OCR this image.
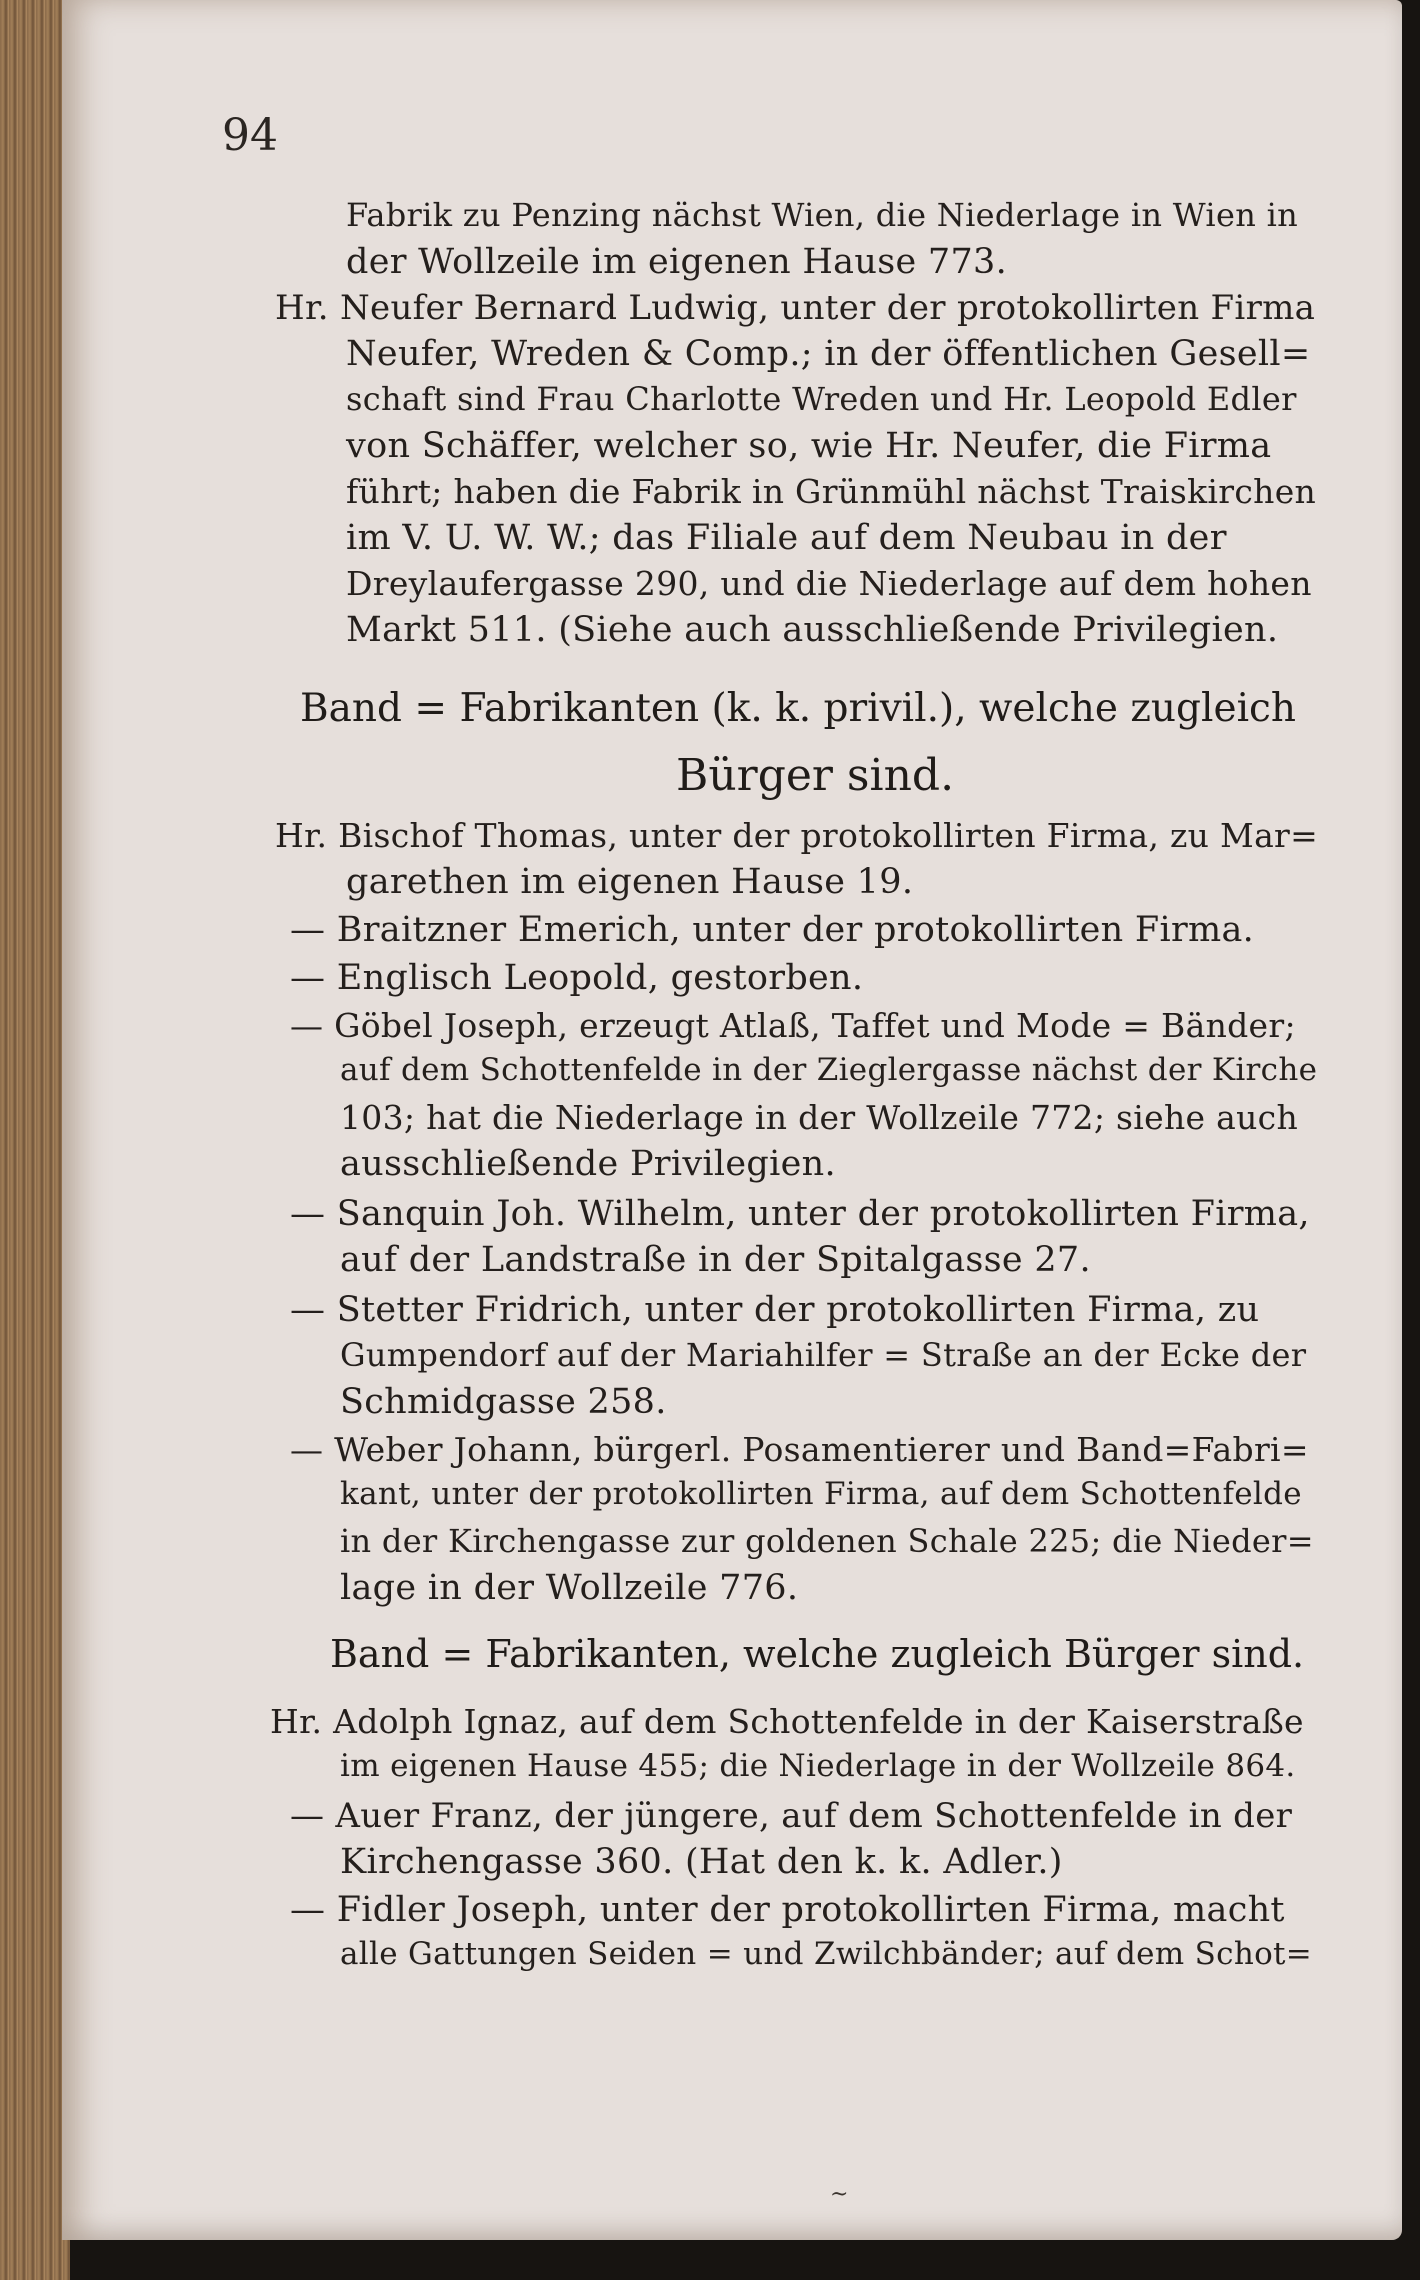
94
Fabrik zu Penzing nächst Wien, die Niederlage in Wien in
der Wollzeile im eigenen Hause 773.
Hr. Neufer Bernard Ludwig, unter der protokollirten Firma
Neufer, Wreden & Comp.; in der öffentlichen Gesell=
schaft sind Frau Charlotte Wreden und Hr. Leopold Edler
von Schäffer, welcher so, wie Hr. Neufer, die Firma
führt; haben die Fabrik in Grünmühl nächst Traiskirchen
im V. U. W. W.; das Filiale auf dem Neubau in der
Dreylaufergasse 290, und die Niederlage auf dem hohen
Markt 511. (Siehe auch ausschließende Privilegien.
Band = Fabrikanten (k. k. privil.), welche zugleich
Bürger sind.
Hr. Bischof Thomas, unter der protokollirten Firma, zu Mar=
garethen im eigenen Hause 19.
— Braitzner Emerich, unter der protokollirten Firma.
— Englisch Leopold, gestorben.
— Göbel Joseph, erzeugt Atlaß, Taffet und Mode = Bänder;
auf dem Schottenfelde in der Zieglergasse nächst der Kirche
103; hat die Niederlage in der Wollzeile 772; siehe auch
ausschließende Privilegien.
— Sanquin Joh. Wilhelm, unter der protokollirten Firma,
auf der Landstraße in der Spitalgasse 27.
— Stetter Fridrich, unter der protokollirten Firma, zu
Gumpendorf auf der Mariahilfer = Straße an der Ecke der
Schmidgasse 258.
— Weber Johann, bürgerl. Posamentierer und Band=Fabri=
kant, unter der protokollirten Firma, auf dem Schottenfelde
in der Kirchengasse zur goldenen Schale 225; die Nieder=
lage in der Wollzeile 776.
Band = Fabrikanten, welche zugleich Bürger sind.
Hr. Adolph Ignaz, auf dem Schottenfelde in der Kaiserstraße
im eigenen Hause 455; die Niederlage in der Wollzeile 864.
— Auer Franz, der jüngere, auf dem Schottenfelde in der
Kirchengasse 360. (Hat den k. k. Adler.)
— Fidler Joseph, unter der protokollirten Firma, macht
alle Gattungen Seiden = und Zwilchbänder; auf dem Schot=
~
